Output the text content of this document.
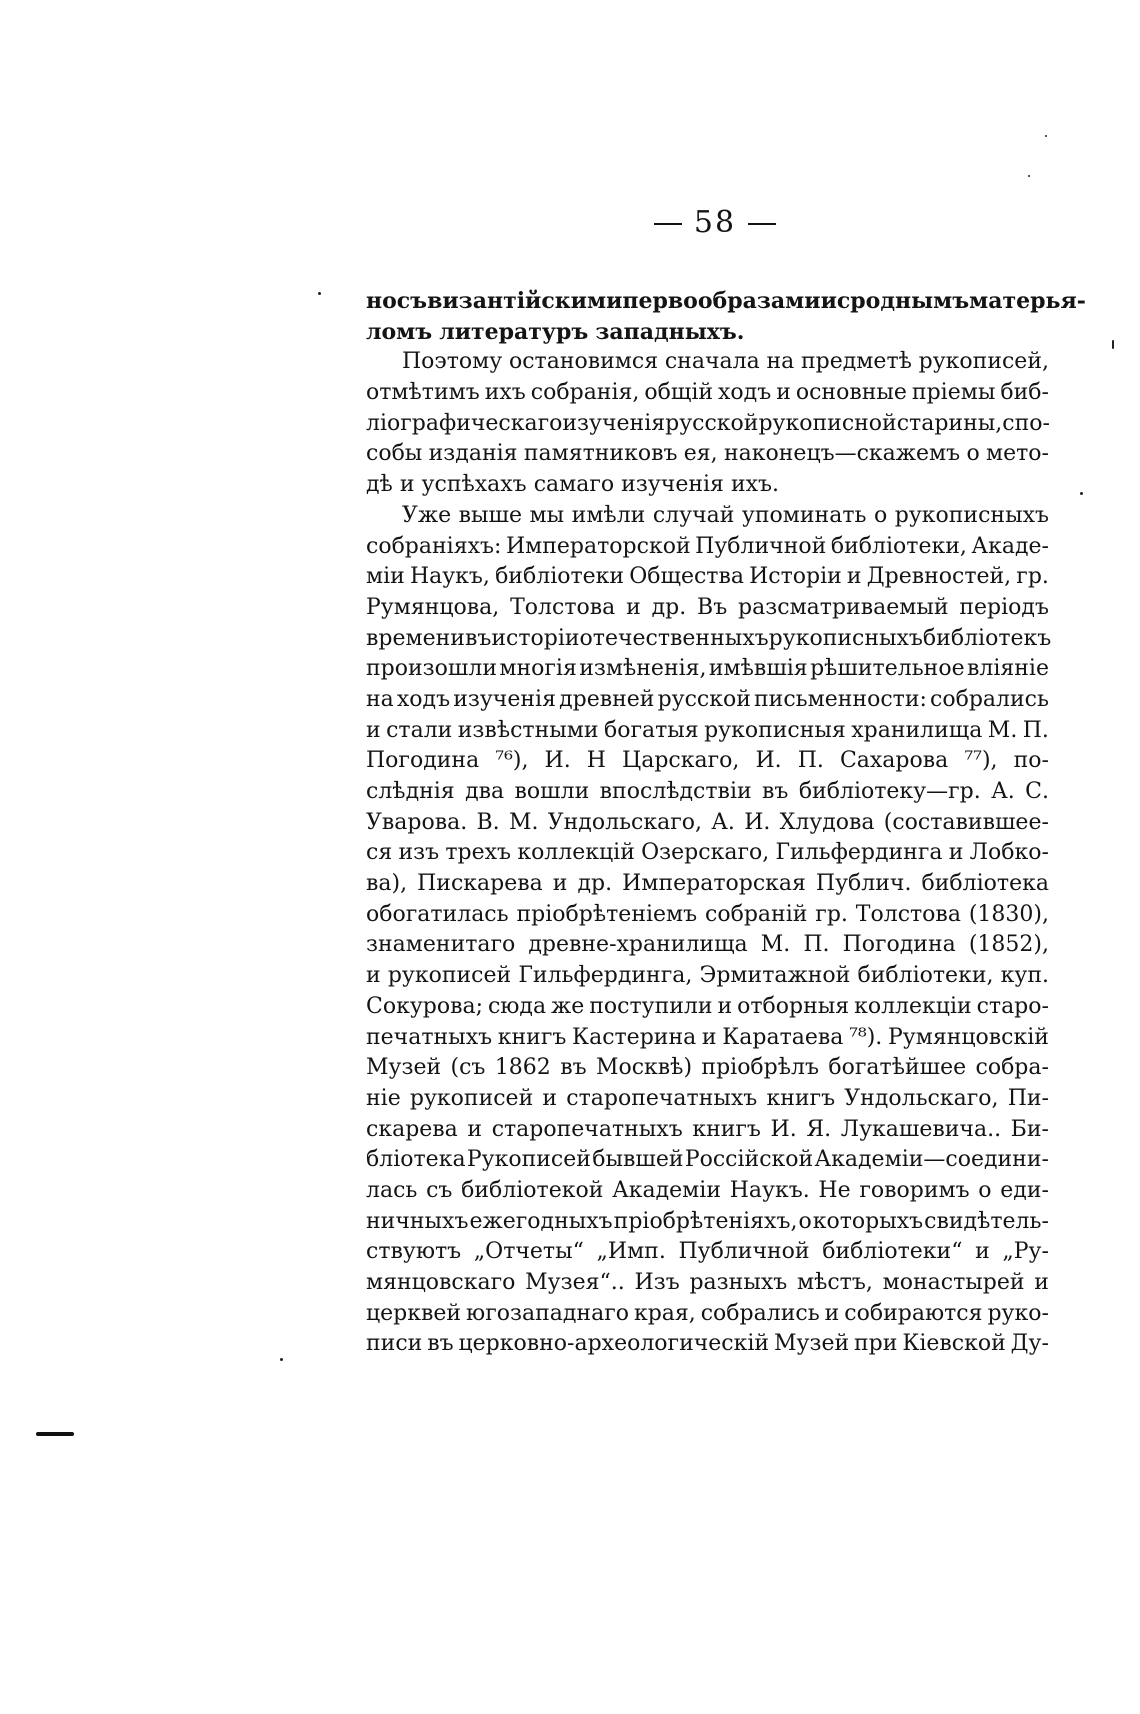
58
но съ византійскими первообразами и сроднымъ матерья-
ломъ литературъ западныхъ.
Поэтому остановимся сначала на предметѣ рукописей,
отмѣтимъ ихъ собранія, общій ходъ и основные пріемы биб-
ліографическаго изученія русской рукописной старины, спо-
собы изданія памятниковъ ея, наконецъ—скажемъ о мето-
дѣ и успѣхахъ самаго изученія ихъ.
Уже выше мы имѣли случай упоминать о рукописныхъ
собраніяхъ: Императорской Публичной библіотеки, Акаде-
міи Наукъ, библіотеки Общества Исторіи и Древностей, гр.
Румянцова, Толстова и др. Въ разсматриваемый періодъ
времени въ исторіи отечественныхъ рукописныхъ библіотекъ
произошли многія измѣненія, имѣвшія рѣшительное вліяніе
на ходъ изученія древней русской письменности: собрались
и стали извѣстными богатыя рукописныя хранилища М. П.
Погодина ⁷⁶), И. Н Царскаго, И. П. Сахарова ⁷⁷), по-
слѣднія два вошли впослѣдствіи въ библіотеку—гр. А. С.
Уварова. В. М. Ундольскаго, А. И. Хлудова (составившее-
ся изъ трехъ коллекцій Озерскаго, Гильфердинга и Лобко-
ва), Пискарева и др. Императорская Публич. библіотека
обогатилась пріобрѣтеніемъ собраній гр. Толстова (1830),
знаменитаго древне-хранилища М. П. Погодина (1852),
и рукописей Гильфердинга, Эрмитажной библіотеки, куп.
Сокурова; сюда же поступили и отборныя коллекціи старо-
печатныхъ книгъ Кастерина и Каратаева ⁷⁸). Румянцовскій
Музей (съ 1862 въ Москвѣ) пріобрѣлъ богатѣйшее собра-
ніе рукописей и старопечатныхъ книгъ Ундольскаго, Пи-
скарева и старопечатныхъ книгъ И. Я. Лукашевича.. Би-
бліотека Рукописей бывшей Россійской Академіи—соедини-
лась съ библіотекой Академіи Наукъ. Не говоримъ о еди-
ничныхъ ежегодныхъ пріобрѣтеніяхъ, о которыхъ свидѣтель-
ствуютъ „Отчеты“ „Имп. Публичной библіотеки“ и „Ру-
мянцовскаго Музея“.. Изъ разныхъ мѣстъ, монастырей и
церквей югозападнаго края, собрались и собираются руко-
писи въ церковно-археологическій Музей при Кіевской Ду-
